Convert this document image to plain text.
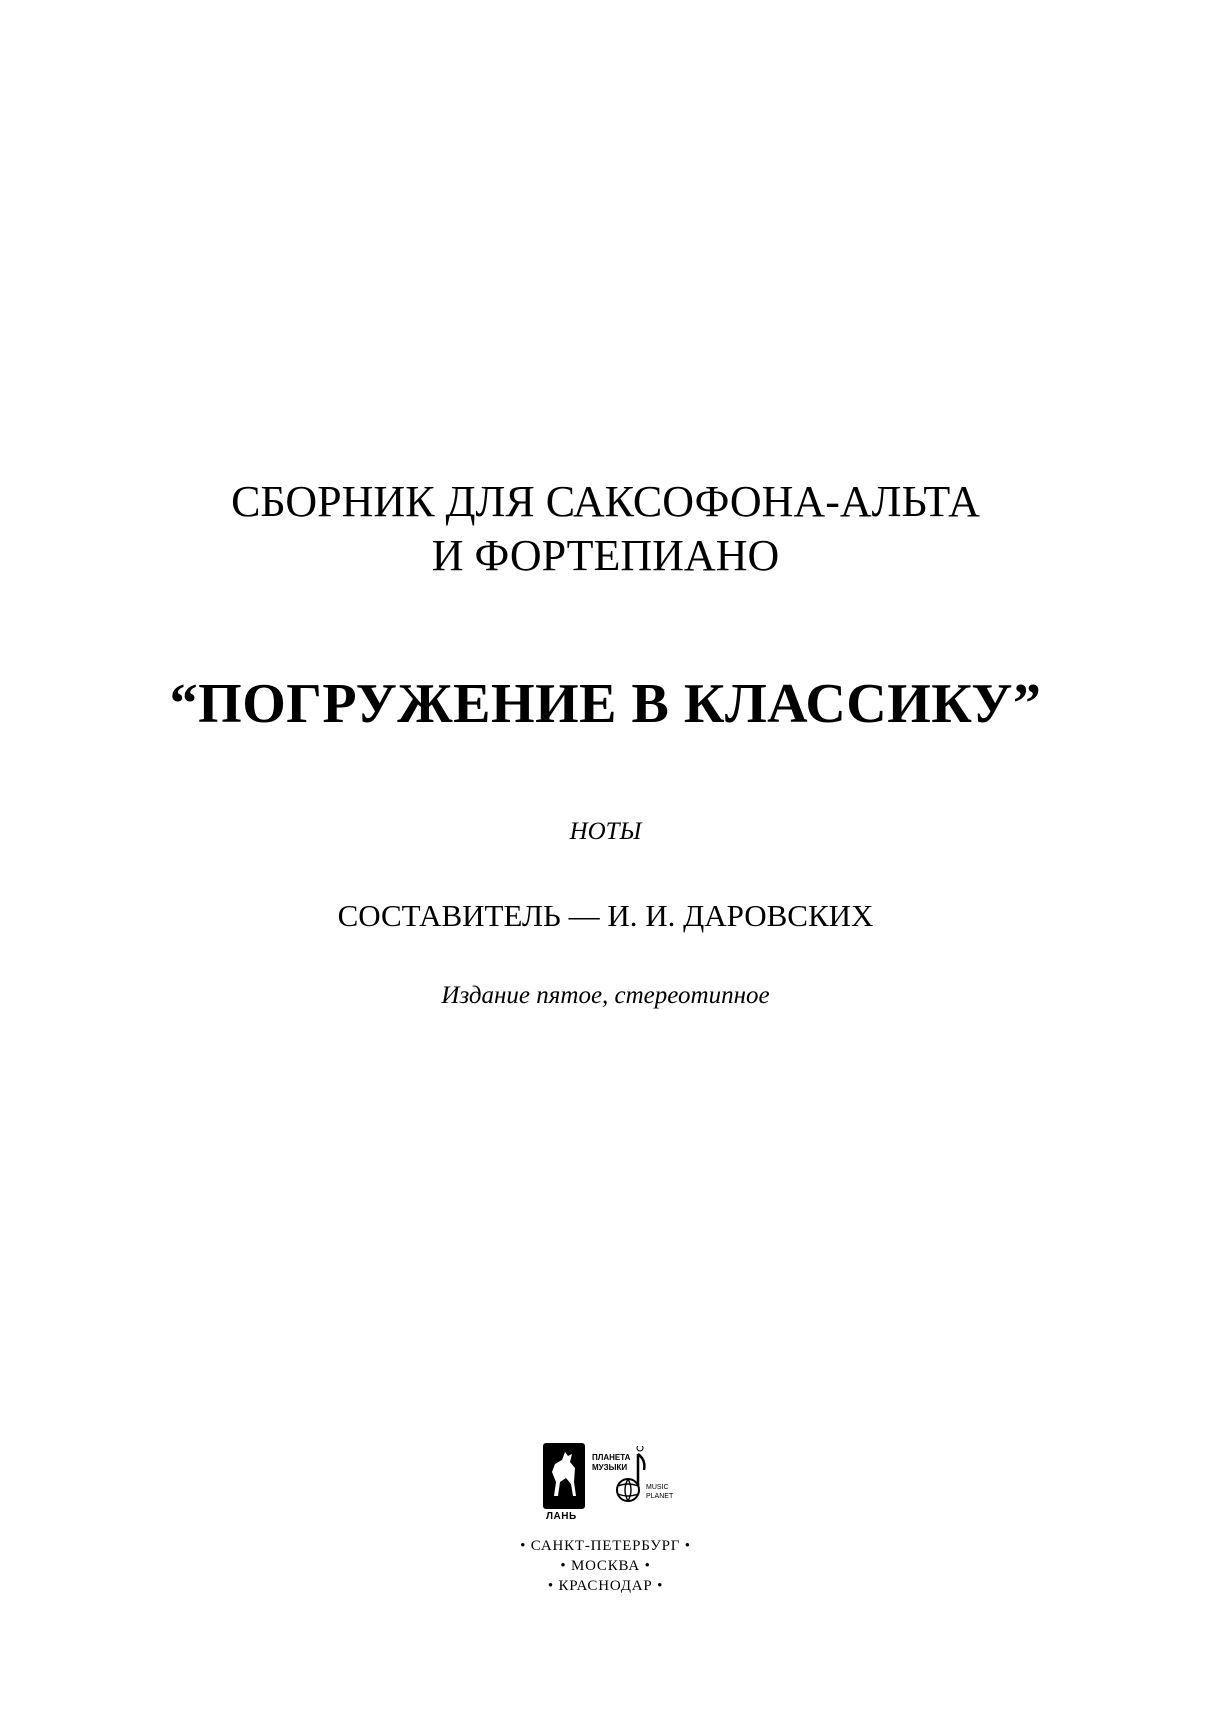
СБОРНИК ДЛЯ САКСОФОНА-АЛЬТА
И ФОРТЕПИАНО
“ПОГРУЖЕНИЕ В КЛАССИКУ”
НОТЫ
СОСТАВИТЕЛЬ — И. И. ДАРОВСКИХ
Издание пятое, стереотипное
ЛАНЬ
ПЛАНЕТА
МУЗЫКИ
MUSIC
PLANET
• САНКТ-ПЕТЕРБУРГ •
• МОСКВА •
• КРАСНОДАР •
